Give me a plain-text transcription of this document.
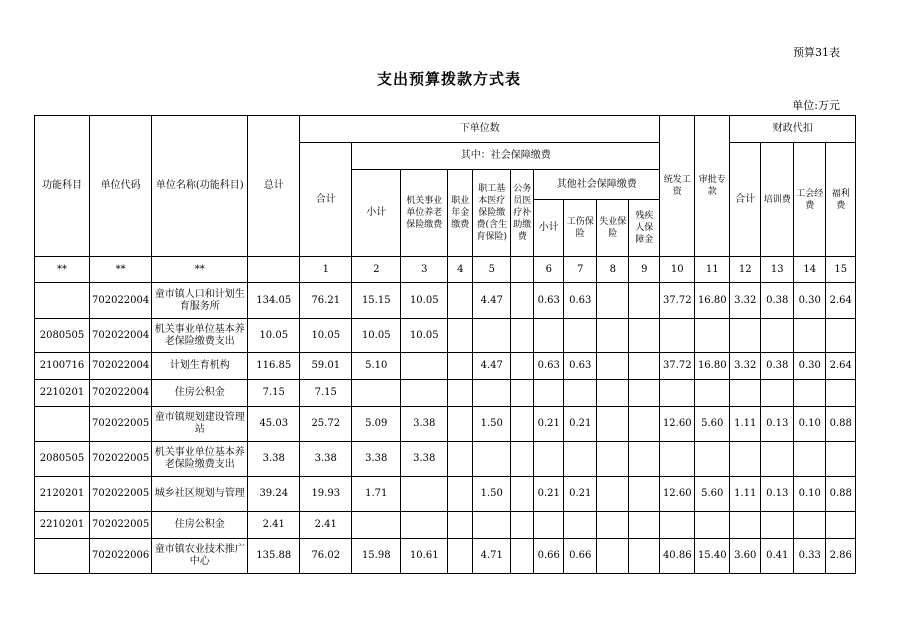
预算31表
支出预算拨款方式表
单位:万元
功能科目	单位代码	单位名称(功能科目)	总计	下单位数										统发工资	审批专款	财政代扣			
				合计	其中：社会保障缴费											合计	培训费	工会经费	福利费
					小计	机关事业单位养老保险缴费	职业年金缴费	职工基本医疗保险缴费(含生育保险)	公务员医疗补助缴费	其他社会保障缴费									
										小计	工伤保险	失业保险	残疾人保障金						
**	**	**		1	2	3	4	5		6	7	8	9	10	11	12	13	14	15
	702022004	童市镇人口和计划生育服务所	134.05	76.21	15.15	10.05		4.47		0.63	0.63			37.72	16.80	3.32	0.38	0.30	2.64
2080505	702022004	机关事业单位基本养老保险缴费支出	10.05	10.05	10.05	10.05													
2100716	702022004	计划生育机构	116.85	59.01	5.10			4.47		0.63	0.63			37.72	16.80	3.32	0.38	0.30	2.64
2210201	702022004	住房公积金	7.15	7.15															
	702022005	童市镇规划建设管理站	45.03	25.72	5.09	3.38		1.50		0.21	0.21			12.60	5.60	1.11	0.13	0.10	0.88
2080505	702022005	机关事业单位基本养老保险缴费支出	3.38	3.38	3.38	3.38													
2120201	702022005	城乡社区规划与管理	39.24	19.93	1.71			1.50		0.21	0.21			12.60	5.60	1.11	0.13	0.10	0.88
2210201	702022005	住房公积金	2.41	2.41															
	702022006	童市镇农业技术推广中心	135.88	76.02	15.98	10.61		4.71		0.66	0.66			40.86	15.40	3.60	0.41	0.33	2.86
